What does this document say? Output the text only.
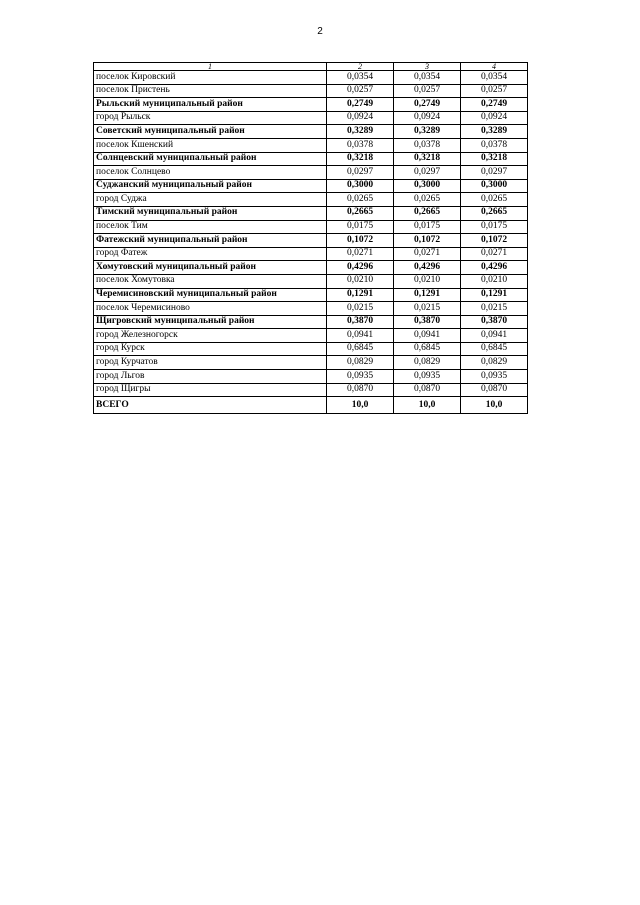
2
1	2	3	4
поселок Кировский	0,0354	0,0354	0,0354
поселок Пристень	0,0257	0,0257	0,0257
Рыльский муниципальный район	0,2749	0,2749	0,2749
город Рыльск	0,0924	0,0924	0,0924
Советский муниципальный район	0,3289	0,3289	0,3289
поселок Кшенский	0,0378	0,0378	0,0378
Солнцевский муниципальный район	0,3218	0,3218	0,3218
поселок Солнцево	0,0297	0,0297	0,0297
Суджанский муниципальный район	0,3000	0,3000	0,3000
город Суджа	0,0265	0,0265	0,0265
Тимский муниципальный район	0,2665	0,2665	0,2665
поселок Тим	0,0175	0,0175	0,0175
Фатежский муниципальный район	0,1072	0,1072	0,1072
город Фатеж	0,0271	0,0271	0,0271
Хомутовский муниципальный район	0,4296	0,4296	0,4296
поселок Хомутовка	0,0210	0,0210	0,0210
Черемисиновский муниципальный район	0,1291	0,1291	0,1291
поселок Черемисиново	0,0215	0,0215	0,0215
Щигровский муниципальный район	0,3870	0,3870	0,3870
город Железногорск	0,0941	0,0941	0,0941
город Курск	0,6845	0,6845	0,6845
город Курчатов	0,0829	0,0829	0,0829
город Льгов	0,0935	0,0935	0,0935
город Щигры	0,0870	0,0870	0,0870
ВСЕГО	10,0	10,0	10,0
